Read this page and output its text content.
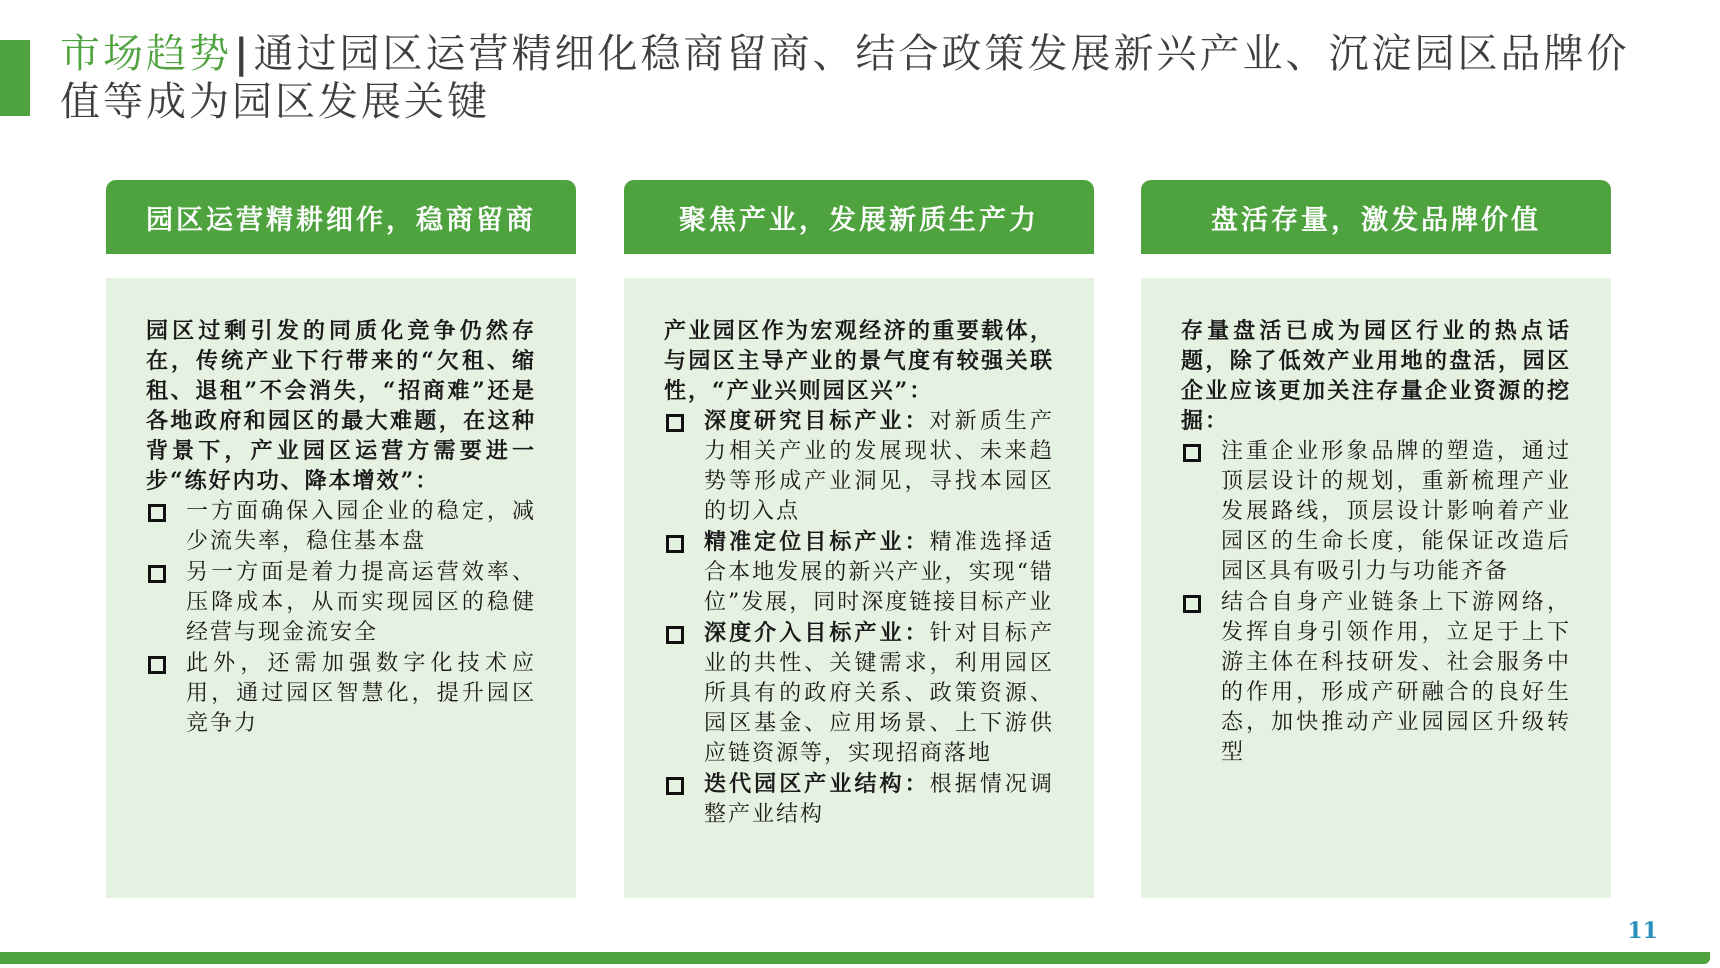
市场趋势|通过园区运营精细化稳商留商、结合政策发展新兴产业、沉淀园区品牌价值等成为园区发展关键
园区运营精耕细作，稳商留商

园区过剩引发的同质化竞争仍然存在，传统产业下行带来的“欠租、缩租、退租”不会消失，“招商难”还是各地政府和园区的最大难题，在这种背景下，产业园区运营方需要进一步“练好内功、降本增效”：

一方面确保入园企业的稳定，减少流失率，稳住基本盘
另一方面是着力提高运营效率、压降成本，从而实现园区的稳健经营与现金流安全
此外，还需加强数字化技术应用，通过园区智慧化，提升园区竞争力
聚焦产业，发展新质生产力

产业园区作为宏观经济的重要载体，与园区主导产业的景气度有较强关联性，“产业兴则园区兴”：

深度研究目标产业：对新质生产力相关产业的发展现状、未来趋势等形成产业洞见，寻找本园区的切入点
精准定位目标产业：精准选择适合本地发展的新兴产业，实现“错位”发展，同时深度链接目标产业
深度介入目标产业：针对目标产业的共性、关键需求，利用园区所具有的政府关系、政策资源、园区基金、应用场景、上下游供应链资源等，实现招商落地
迭代园区产业结构：根据情况调整产业结构
盘活存量，激发品牌价值

存量盘活已成为园区行业的热点话题，除了低效产业用地的盘活，园区企业应该更加关注存量企业资源的挖掘：

注重企业形象品牌的塑造，通过顶层设计的规划，重新梳理产业发展路线，顶层设计影响着产业园区的生命长度，能保证改造后园区具有吸引力与功能齐备
结合自身产业链条上下游网络，发挥自身引领作用，立足于上下游主体在科技研发、社会服务中的作用，形成产研融合的良好生态，加快推动产业园园区升级转型
11
